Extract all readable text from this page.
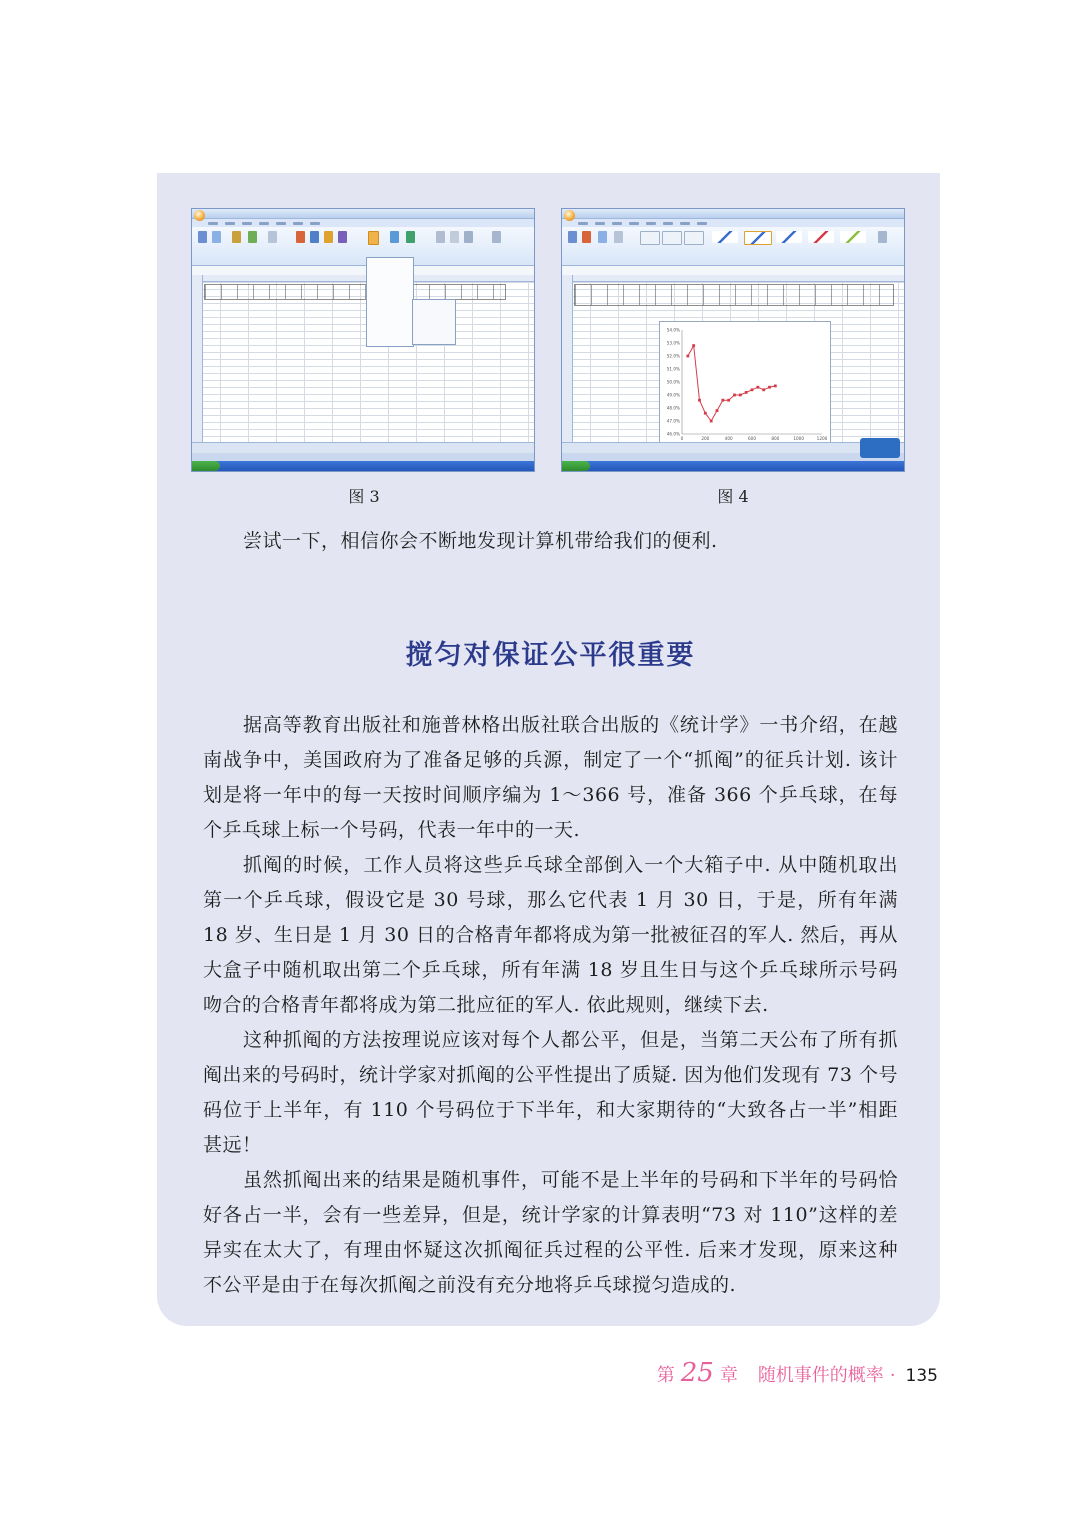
46.0%
47.0%
48.0%
49.0%
50.0%
51.0%
52.0%
53.0%
54.0%
0	200	400	600	800	1000	1200
图 3	图 4

尝试一下，相信你会不断地发现计算机带给我们的便利.

搅匀对保证公平很重要

据高等教育出版社和施普林格出版社联合出版的《统计学》一书介绍，在越南战争中，美国政府为了准备足够的兵源，制定了一个“抓阄”的征兵计划. 该计划是将一年中的每一天按时间顺序编为 1～366 号，准备 366 个乒乓球，在每个乒乓球上标一个号码，代表一年中的一天.

抓阄的时候，工作人员将这些乒乓球全部倒入一个大箱子中. 从中随机取出第一个乒乓球，假设它是 30 号球，那么它代表 1 月 30 日，于是，所有年满 18 岁、生日是 1 月 30 日的合格青年都将成为第一批被征召的军人. 然后，再从大盒子中随机取出第二个乒乓球，所有年满 18 岁且生日与这个乒乓球所示号码吻合的合格青年都将成为第二批应征的军人. 依此规则，继续下去.

这种抓阄的方法按理说应该对每个人都公平，但是，当第二天公布了所有抓阄出来的号码时，统计学家对抓阄的公平性提出了质疑. 因为他们发现有 73 个号码位于上半年，有 110 个号码位于下半年，和大家期待的“大致各占一半”相距甚远！

虽然抓阄出来的结果是随机事件，可能不是上半年的号码和下半年的号码恰好各占一半，会有一些差异，但是，统计学家的计算表明“73 对 110”这样的差异实在太大了，有理由怀疑这次抓阄征兵过程的公平性. 后来才发现，原来这种不公平是由于在每次抓阄之前没有充分地将乒乓球搅匀造成的.

第 25 章 随机事件的概率 · 135
